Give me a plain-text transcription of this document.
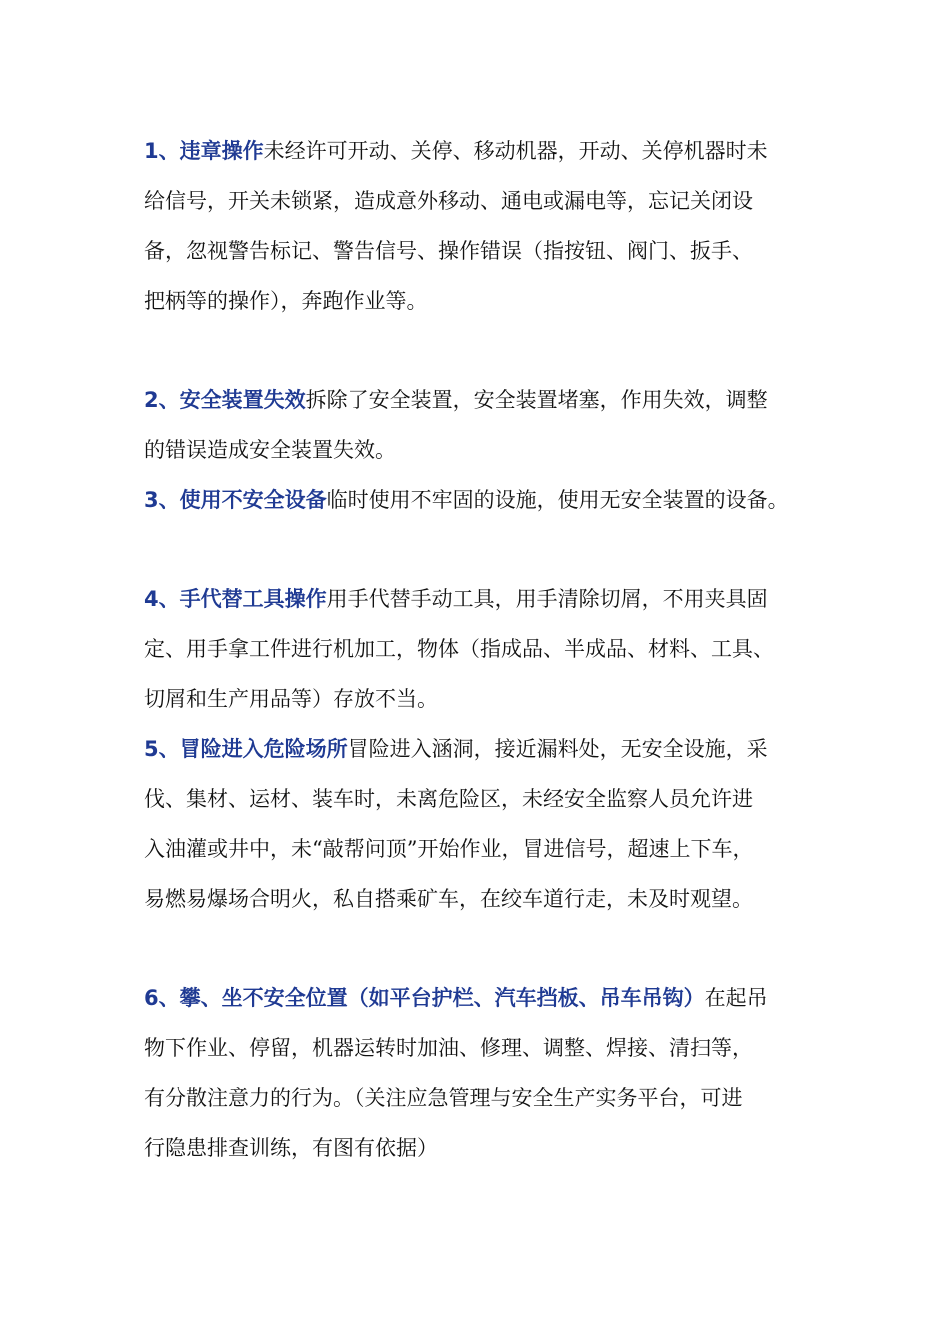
1、违章操作未经许可开动、关停、移动机器，开动、关停机器时未
给信号，开关未锁紧，造成意外移动、通电或漏电等，忘记关闭设
备，忽视警告标记、警告信号、操作错误（指按钮、阀门、扳手、
把柄等的操作），奔跑作业等。
2、安全装置失效拆除了安全装置，安全装置堵塞，作用失效，调整
的错误造成安全装置失效。
3、使用不安全设备临时使用不牢固的设施，使用无安全装置的设备。
4、手代替工具操作用手代替手动工具，用手清除切屑，不用夹具固
定、用手拿工件进行机加工，物体（指成品、半成品、材料、工具、
切屑和生产用品等）存放不当。
5、冒险进入危险场所冒险进入涵洞，接近漏料处，无安全设施，采
伐、集材、运材、装车时，未离危险区，未经安全监察人员允许进
入油灌或井中，未“敲帮问顶”开始作业，冒进信号，超速上下车，
易燃易爆场合明火，私自搭乘矿车，在绞车道行走，未及时观望。
6、攀、坐不安全位置（如平台护栏、汽车挡板、吊车吊钩）在起吊
物下作业、停留，机器运转时加油、修理、调整、焊接、清扫等，
有分散注意力的行为。（关注应急管理与安全生产实务平台，可进
行隐患排查训练，有图有依据）
